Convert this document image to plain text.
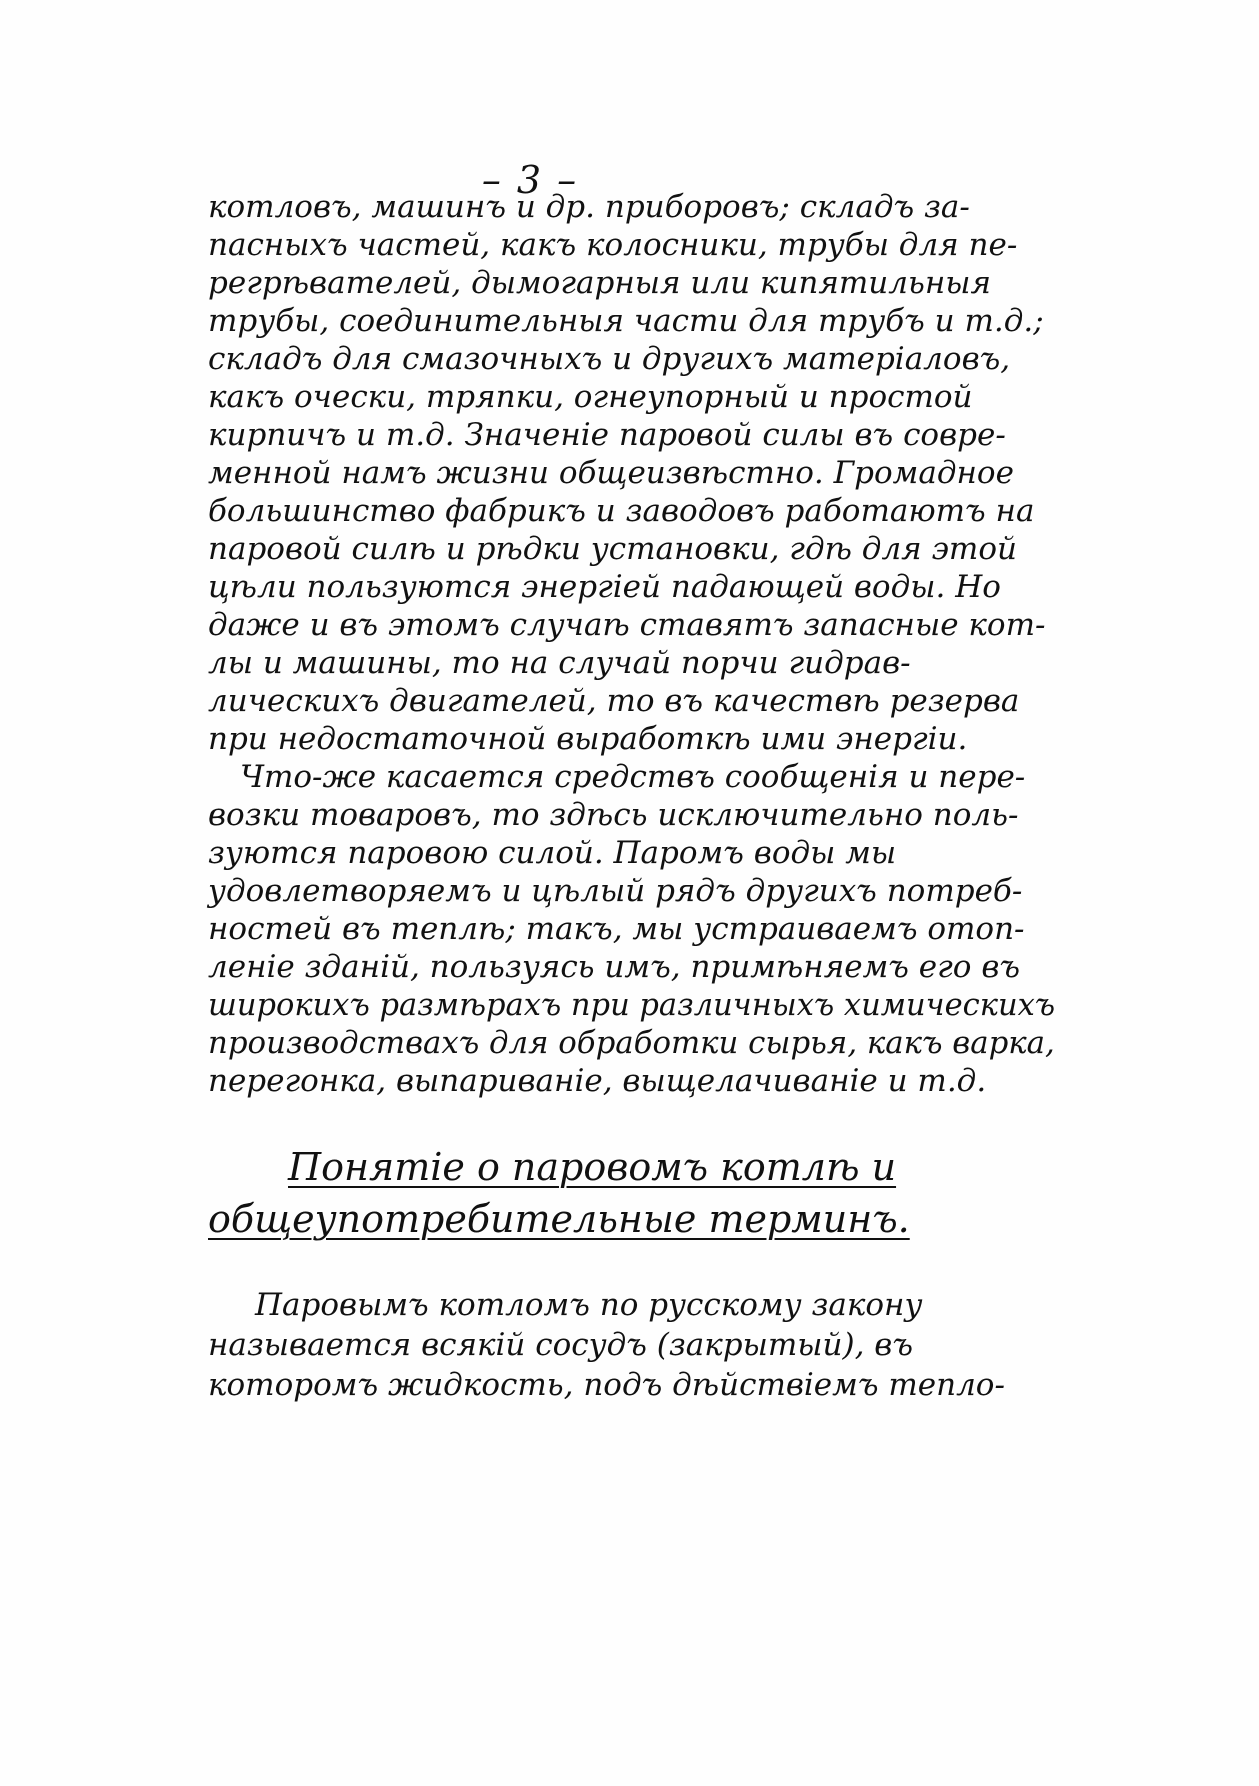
– 3 –
котловъ, машинъ и др. приборовъ; складъ за-
пасныхъ частей, какъ колосники, трубы для пе-
регрѣвателей, дымогарныя или кипятильныя
трубы, соединительныя части для трубъ и т.д.;
складъ для смазочныхъ и другихъ матеріаловъ,
какъ очески, тряпки, огнеупорный и простой
кирпичъ и т.д. Значеніе паровой силы въ совре-
менной намъ жизни общеизвѣстно. Громадное
большинство фабрикъ и заводовъ работаютъ на
паровой силѣ и рѣдки установки, гдѣ для этой
цѣли пользуются энергіей падающей воды. Но
даже и въ этомъ случаѣ ставятъ запасные кот-
лы и машины, то на случай порчи гидрав-
лическихъ двигателей, то въ качествѣ резерва
при недостаточной выработкѣ ими энергіи.
Что-же касается средствъ сообщенія и пере-
возки товаровъ, то здѣсь исключительно поль-
зуются паровою силой. Паромъ воды мы
удовлетворяемъ и цѣлый рядъ другихъ потреб-
ностей въ теплѣ; такъ, мы устраиваемъ отоп-
леніе зданій, пользуясь имъ, примѣняемъ его въ
широкихъ размѣрахъ при различныхъ химическихъ
производствахъ для обработки сырья, какъ варка,
перегонка, выпариваніе, выщелачиваніе и т.д.
Понятіе о паровомъ котлѣ и
общеупотребительные терминъ.
Паровымъ котломъ по русскому закону
называется всякій сосудъ (закрытый), въ
которомъ жидкость, подъ дѣйствіемъ тепло-
